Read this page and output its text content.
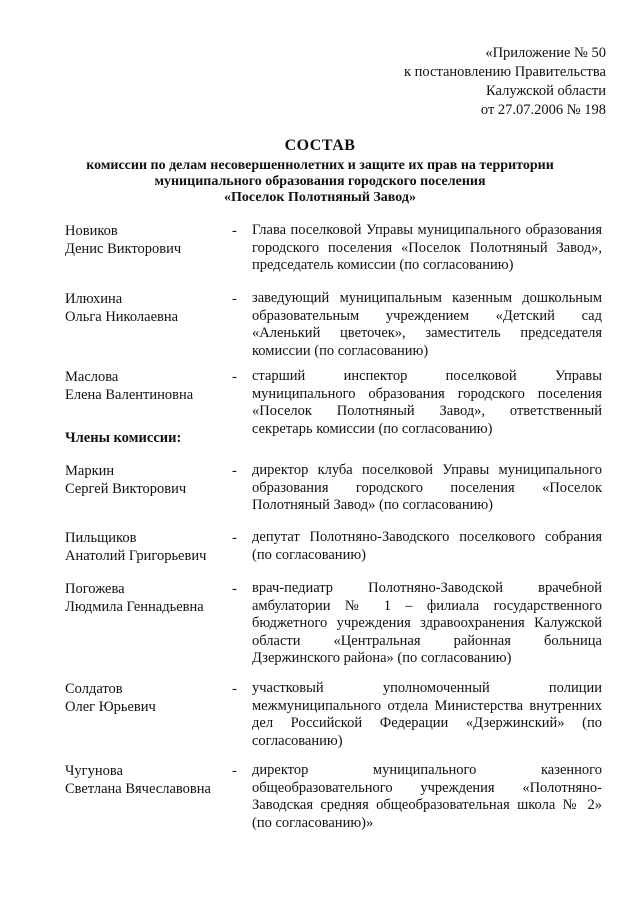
«Приложение № 50
к постановлению Правительства
Калужской области
от 27.07.2006 № 198
СОСТАВ
комиссии по делам несовершеннолетних и защите их прав на территории
муниципального образования городского поселения
«Поселок Полотняный Завод»
Новиков
Денис Викторович
- Глава поселковой Управы муниципального образования городского поселения «Поселок Полотняный Завод», председатель комиссии (по согласованию)
Илюхина
Ольга Николаевна
- заведующий муниципальным казенным дошкольным образовательным учреждением «Детский сад «Аленький цветочек», заместитель председателя комиссии (по согласованию)
Маслова
Елена Валентиновна
- старший инспектор поселковой Управы муниципального образования городского поселения «Поселок Полотняный Завод», ответственный секретарь комиссии (по согласованию)
Члены комиссии:
Маркин
Сергей Викторович
- директор клуба поселковой Управы муниципального образования городского поселения «Поселок Полотняный Завод» (по согласованию)
Пильщиков
Анатолий Григорьевич
- депутат Полотняно-Заводского поселкового собрания (по согласованию)
Погожева
Людмила Геннадьевна
- врач-педиатр Полотняно-Заводской врачебной амбулатории № 1 – филиала государственного бюджетного учреждения здравоохранения Калужской области «Центральная районная больница Дзержинского района» (по согласованию)
Солдатов
Олег Юрьевич
- участковый уполномоченный полиции межмуниципального отдела Министерства внутренних дел Российской Федерации «Дзержинский» (по согласованию)
Чугунова
Светлана Вячеславовна
- директор муниципального казенного общеобразовательного учреждения «Полотняно-Заводская средняя общеобразовательная школа № 2» (по согласованию)»
